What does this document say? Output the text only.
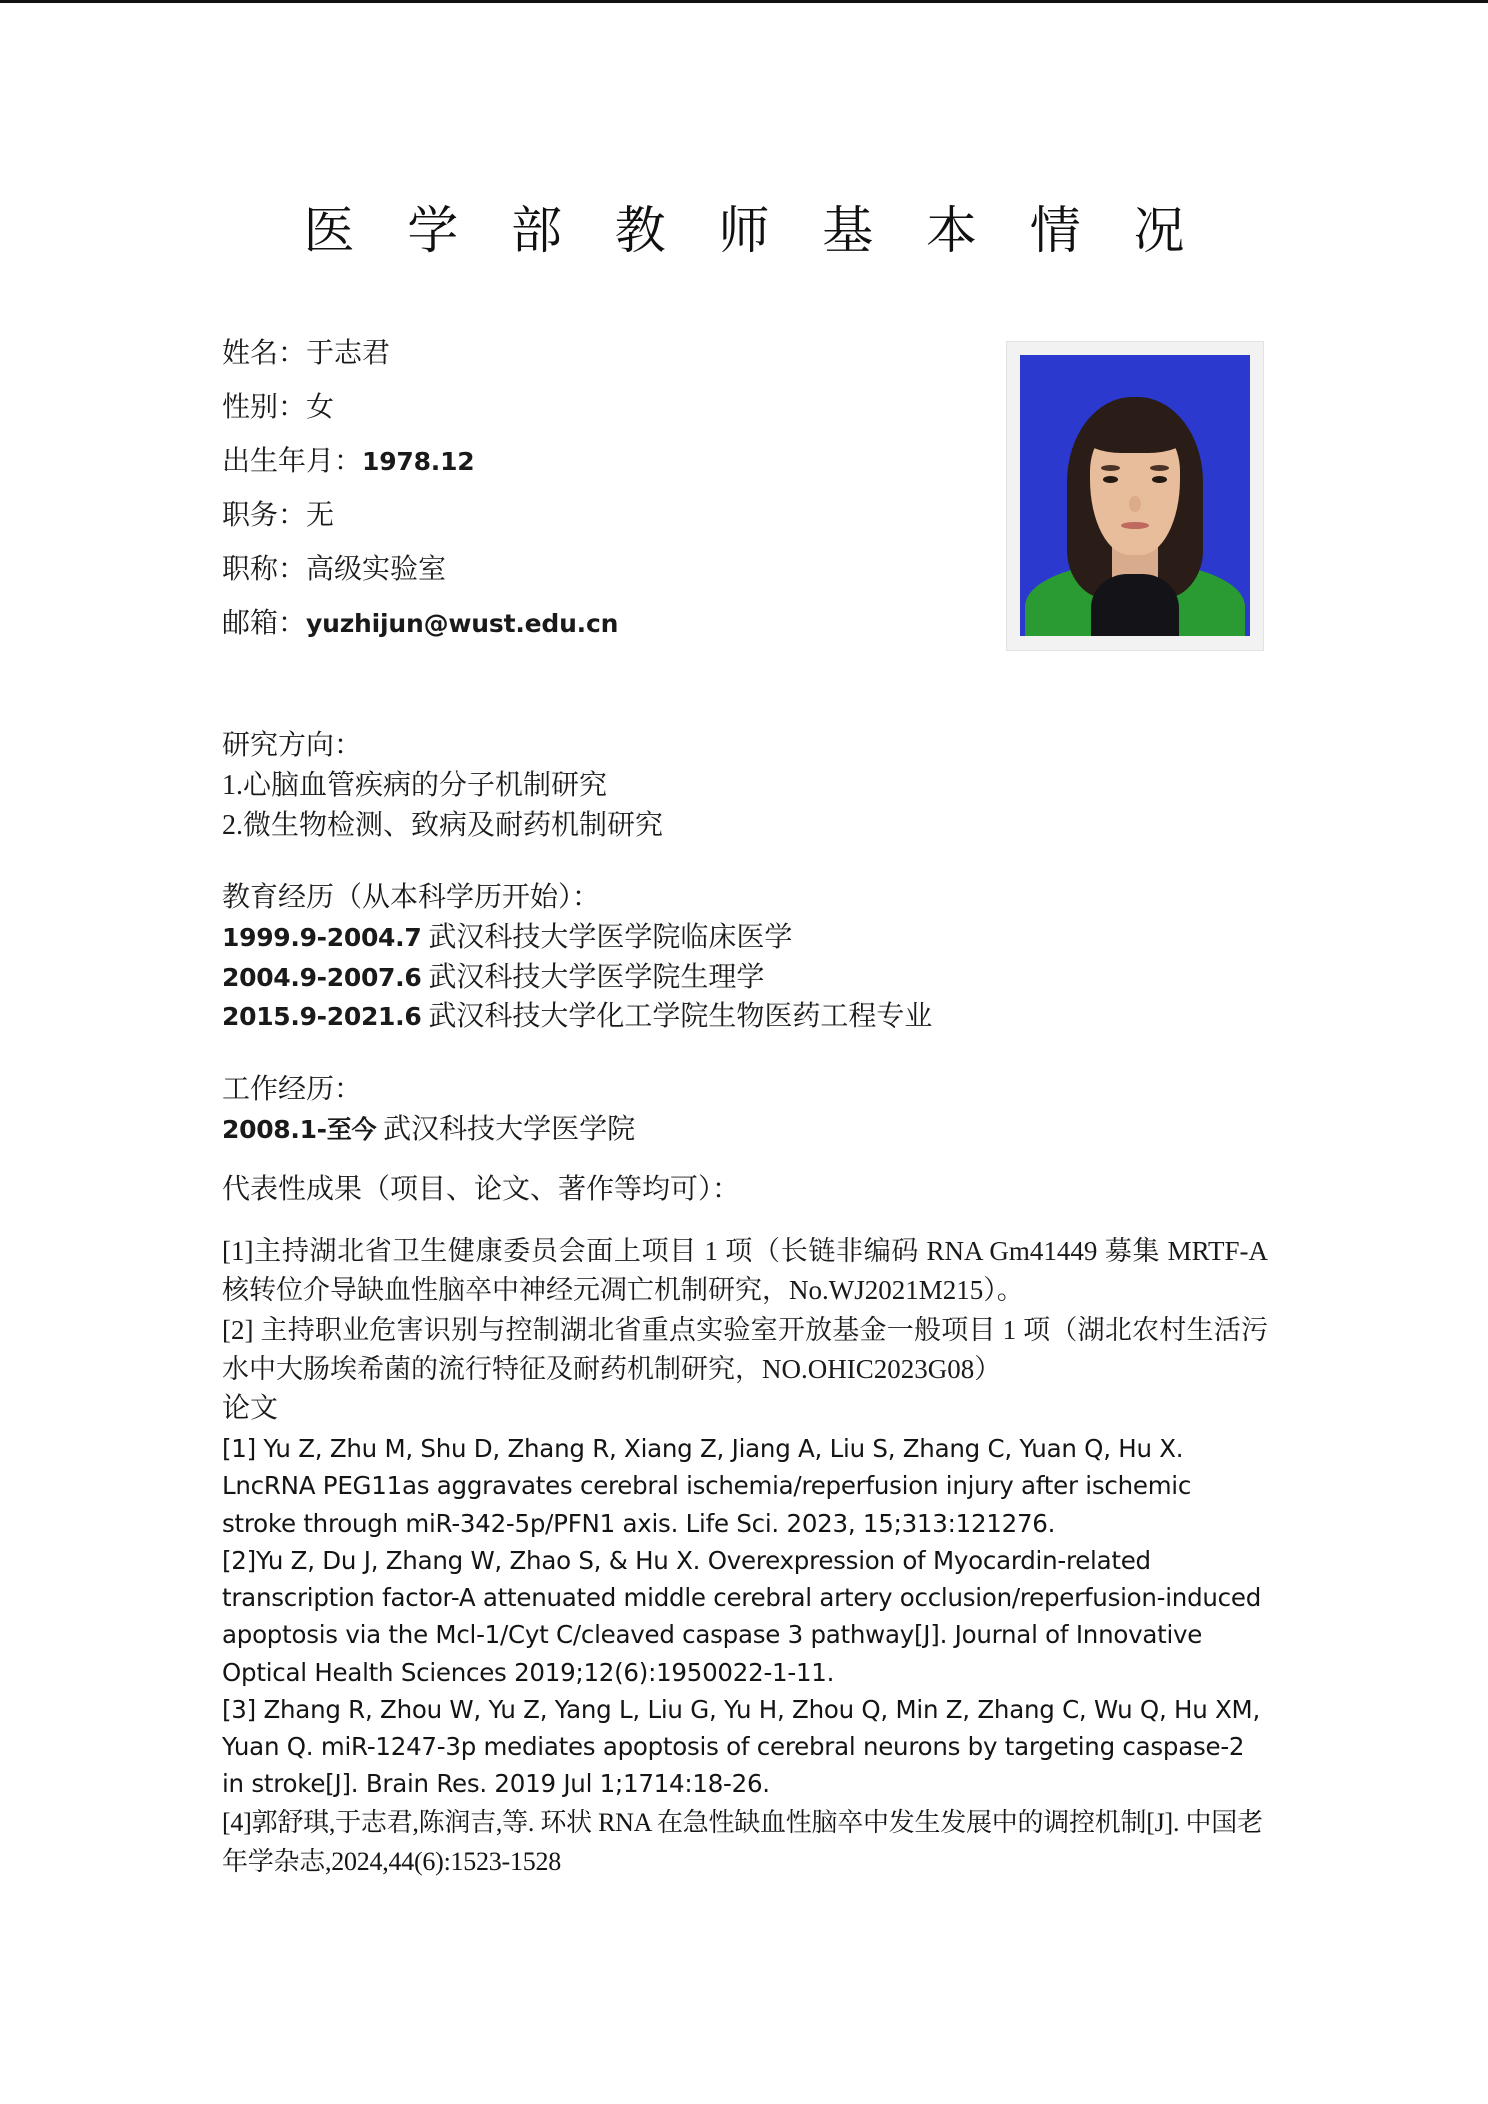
医 学 部 教 师 基 本 情 况
姓名：于志君
性别：女
出生年月：1978.12
职务：无
职称：高级实验室
邮箱：yuzhijun@wust.edu.cn
研究方向：
1.心脑血管疾病的分子机制研究
2.微生物检测、致病及耐药机制研究
教育经历（从本科学历开始）：
1999.9-2004.7 武汉科技大学医学院临床医学
2004.9-2007.6 武汉科技大学医学院生理学
2015.9-2021.6 武汉科技大学化工学院生物医药工程专业
工作经历：
2008.1-至今 武汉科技大学医学院
代表性成果（项目、论文、著作等均可）：
[1]主持湖北省卫生健康委员会面上项目 1 项（长链非编码 RNA Gm41449 募集 MRTF-A 核转位介导缺血性脑卒中神经元凋亡机制研究，No.WJ2021M215）。
[2] 主持职业危害识别与控制湖北省重点实验室开放基金一般项目 1 项（湖北农村生活污水中大肠埃希菌的流行特征及耐药机制研究，NO.OHIC2023G08）
论文
[1] Yu Z, Zhu M, Shu D, Zhang R, Xiang Z, Jiang A, Liu S, Zhang C, Yuan Q, Hu X. LncRNA PEG11as aggravates cerebral ischemia/reperfusion injury after ischemic stroke through miR-342-5p/PFN1 axis. Life Sci. 2023, 15;313:121276.
[2]Yu Z, Du J, Zhang W, Zhao S, & Hu X. Overexpression of Myocardin-related transcription factor-A attenuated middle cerebral artery occlusion/reperfusion-induced apoptosis via the Mcl-1/Cyt C/cleaved caspase 3 pathway[J]. Journal of Innovative Optical Health Sciences 2019;12(6):1950022-1-11.
[3] Zhang R, Zhou W, Yu Z, Yang L, Liu G, Yu H, Zhou Q, Min Z, Zhang C, Wu Q, Hu XM, Yuan Q. miR-1247-3p mediates apoptosis of cerebral neurons by targeting caspase-2 in stroke[J]. Brain Res. 2019 Jul 1;1714:18-26.
[4]郭舒琪,于志君,陈润吉,等. 环状 RNA 在急性缺血性脑卒中发生发展中的调控机制[J]. 中国老年学杂志,2024,44(6):1523-1528
